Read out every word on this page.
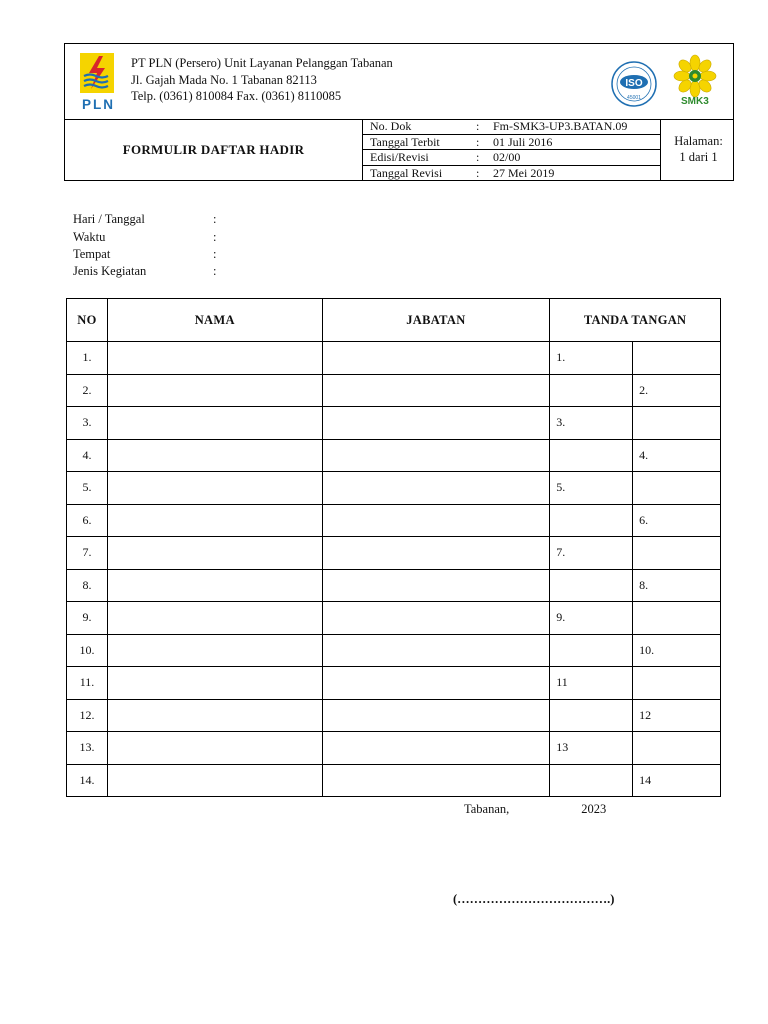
PLN
PT PLN (Persero) Unit Layanan Pelanggan Tabanan
Jl. Gajah Mada No. 1 Tabanan 82113
Telp. (0361) 810084 Fax. (0361) 8110085
ISO
45001	SMK3
FORMULIR DAFTAR HADIR
No. Dok	: Fm-SMK3-UP3.BATAN.09
Tanggal Terbit	: 01 Juli 2016
Edisi/Revisi	: 02/00
Tanggal Revisi	: 27 Mei 2019
Halaman:
1 dari 1
Hari / Tanggal	:
Waktu	:
Tempat	:
Jenis Kegiatan	:
NO	NAMA	JABATAN	TANDA TANGAN	
1.			1.	
2.				2.
3.			3.	
4.				4.
5.			5.	
6.				6.
7.			7.	
8.				8.
9.			9.	
10.				10.
11.			11	
12.				12
13.			13	
14.				14
Tabanan,	2023
(……………………………….)
